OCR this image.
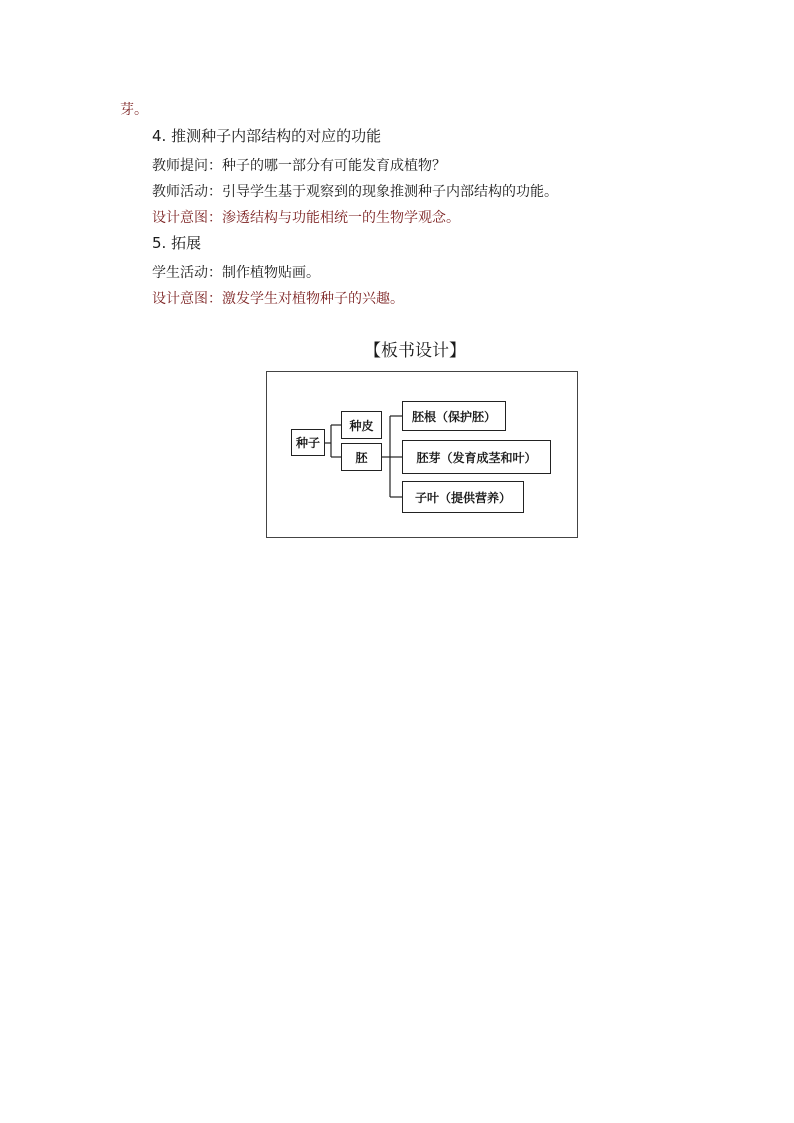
芽。
4. 推测种子内部结构的对应的功能
教师提问：种子的哪一部分有可能发育成植物？
教师活动：引导学生基于观察到的现象推测种子内部结构的功能。
设计意图：渗透结构与功能相统一的生物学观念。
5. 拓展
学生活动：制作植物贴画。
设计意图：激发学生对植物种子的兴趣。
【板书设计】
种子
种皮
胚
胚根（保护胚）
胚芽（发育成茎和叶）
子叶（提供营养）
